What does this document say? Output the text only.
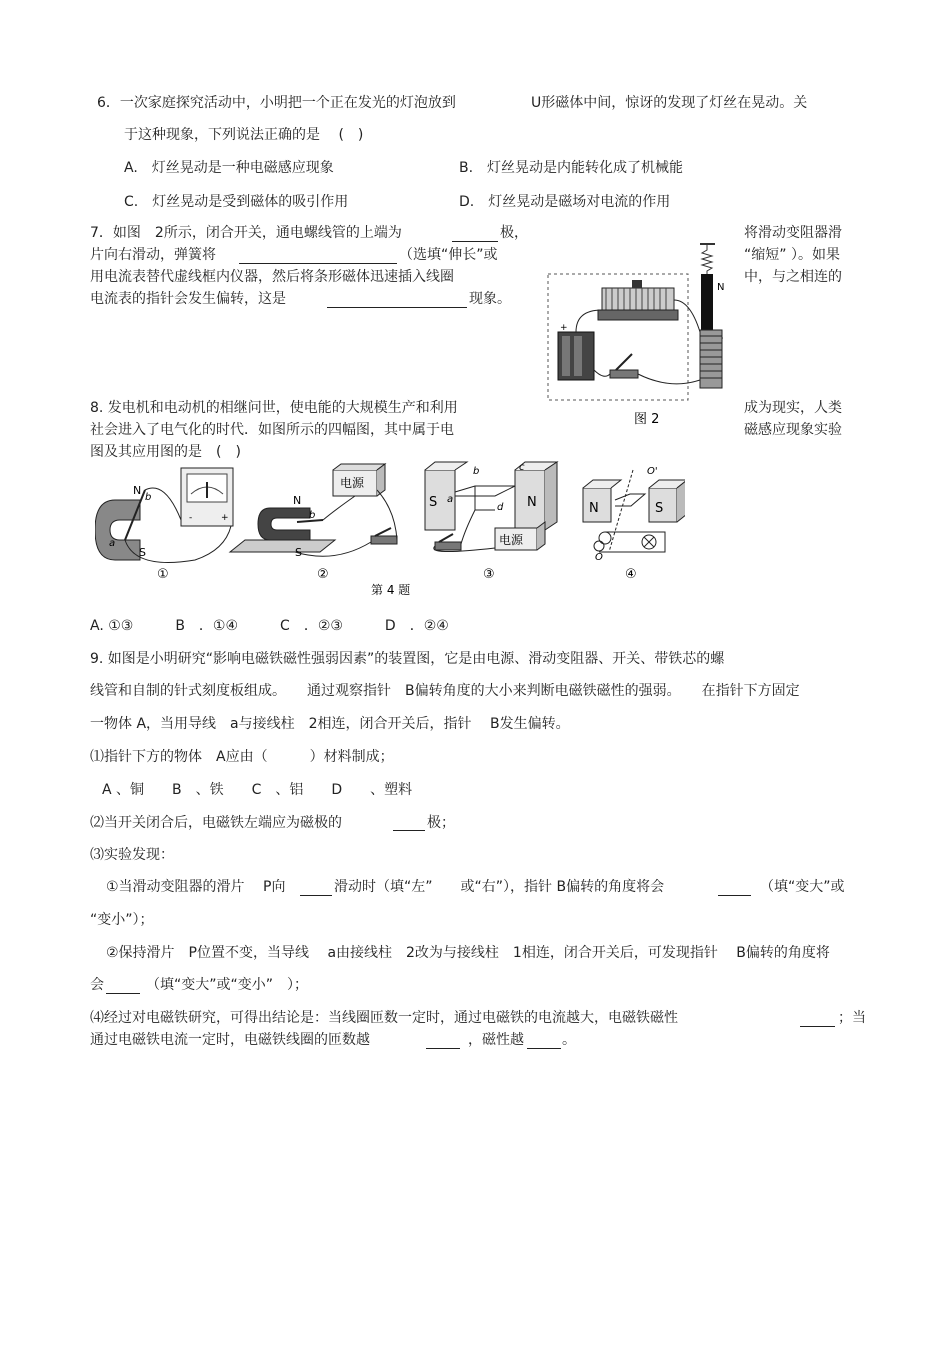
6．一次家庭探究活动中，小明把一个正在发光的灯泡放到	U形磁体中间，惊讶的发现了灯丝在晃动。关
于这种现象，下列说法正确的是　 (　)
A.　灯丝晃动是一种电磁感应现象	B.　灯丝晃动是内能转化成了机械能
C.　灯丝晃动是受到磁体的吸引作用	D.　灯丝晃动是磁场对电流的作用
7．如图　2所示，闭合开关，通电螺线管的上端为	极，	将滑动变阻器滑
片向右滑动，弹簧将	（选填“伸长”或	“缩短” ）。如果
用电流表替代虚线框内仪器，然后将条形磁体迅速插入线圈	中，与之相连的
电流表的指针会发生偏转，这是	现象。
N
+
图 2
8. 发电机和电动机的相继问世，使电能的大规模生产和利用	成为现实，人类
社会进入了电气化的时代．如图所示的四幅图，其中属于电	磁感应现象实验
图及其应用图的是　(　)
N
S
b
a
-	+
①
N
S
b
电源
②
S	N
b	c
a
d
电源
③
N	S
O'
O
④
第 4 题
A. ①③　　　B　．①④　　　C　．②③　　　D　．②④
9. 如图是小明研究“影响电磁铁磁性强弱因素”的装置图，它是由电源、滑动变阻器、开关、带铁芯的螺
线管和自制的针式刻度板组成。　　通过观察指针　B偏转角度的大小来判断电磁铁磁性的强弱。　　在指针下方固定
一物体 A，当用导线　a与接线柱　2相连，闭合开关后，指针　 B发生偏转。
⑴指针下方的物体　A应由（　　　）材料制成；
A 、铜　　B　、铁　　C　、铝　　D　　、塑料
⑵当开关闭合后，电磁铁左端应为磁极的	极；
⑶实验发现：
①当滑动变阻器的滑片　 P向	滑动时（填“左”　　或“右”），指针 B偏转的角度将会	（填“变大”或
“变小”）；
②保持滑片　P位置不变，当导线　 a由接线柱　2改为与接线柱　1相连，闭合开关后，可发现指针　 B偏转的角度将
会	（填“变大”或“变小”　）；
⑷经过对电磁铁研究，可得出结论是：当线圈匝数一定时，通过电磁铁的电流越大，电磁铁磁性	；当
通过电磁铁电流一定时，电磁铁线圈的匝数越	，磁性越	。
